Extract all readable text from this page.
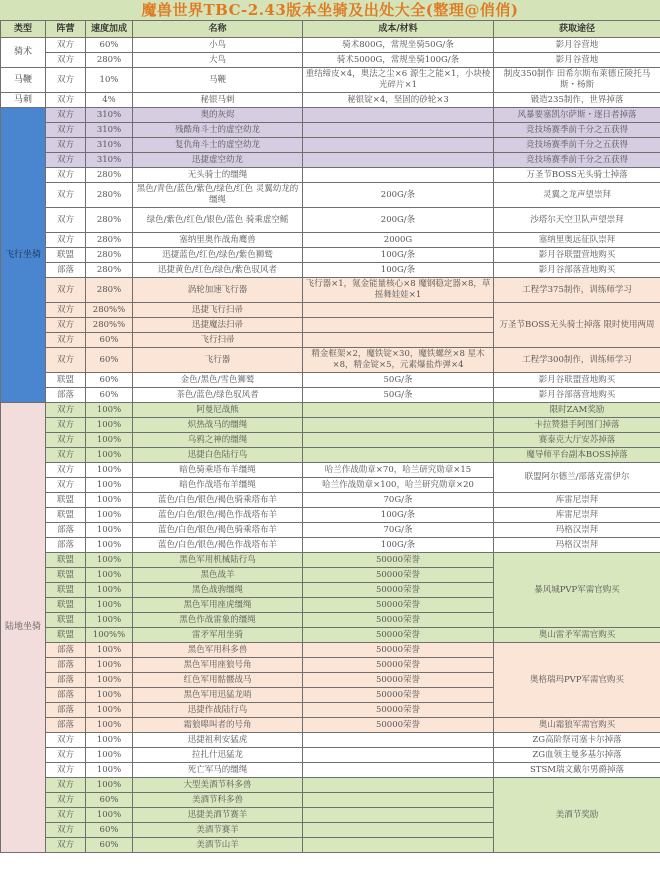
魔兽世界TBC-2.43版本坐骑及出处大全(整理@俏俏)
类型	阵营	速度加成	名称	成本/材料	获取途径
骑术	双方	60%	小鸟	骑术800G，常规坐骑50G/条	影月谷营地
	双方	280%	大鸟	骑术5000G，常规坐骑100G/条	影月谷营地
马鞭	双方	10%	马鞭	重结缔皮×4，奥法之尘×6 源生之能×1，小块棱光碎片×1	制皮350制作 田希尔斯布莱德丘陵托马斯・杨斯
马刺	双方	4%	秘银马刺	秘银锭×4，坚固的砂轮×3	锻造235制作，世界掉落
飞行坐骑	双方	310%	奥的灰烬		风暴要塞凯尔萨斯・逐日者掉落
	双方	310%	残酷角斗士的虚空幼龙		竞技场赛季前千分之五获得
	双方	310%	复仇角斗士的虚空幼龙		竞技场赛季前千分之五获得
	双方	310%	迅捷虚空幼龙		竞技场赛季前千分之五获得
	双方	280%	无头骑士的缰绳		万圣节BOSS无头骑士掉落
	双方	280%	黑色/青色/蓝色/紫色/绿色/红色 灵翼幼龙的缰绳	200G/条	灵翼之龙声望崇拜
	双方	280%	绿色/紫色/红色/银色/蓝色 骑乘虚空鳐	200G/条	沙塔尔天空卫队声望崇拜
	双方	280%	塞纳里奥作战角鹰兽	2000G	塞纳里奥远征队崇拜
	联盟	280%	迅捷蓝色/红色/绿色/紫色狮鹫	100G/条	影月谷联盟营地购买
	部落	280%	迅捷黄色/红色/绿色/紫色驭风者	100G/条	影月谷部落营地购买
	双方	280%	涡轮加速飞行器	飞行器×1，氪金能量核心×8 魔钢稳定器×8，草摇舞娃娃×1	工程学375制作，训练师学习
	双方	280%%	迅捷飞行扫帚		万圣节BOSS无头骑士掉落 限时使用两周
	双方	280%%	迅捷魔法扫帚		
	双方	60%	飞行扫帚		
	双方	60%	飞行器	精金框架×2，魔铁锭×30，魔铁螺丝×8 星木×8，精金锭×5，元素爆盐炸弹×4	工程学300制作，训练师学习
	联盟	60%	金色/黑色/雪色狮鹫	50G/条	影月谷联盟营地购买
	部落	60%	茶色/蓝色/绿色驭风者	50G/条	影月谷部落营地购买
陆地坐骑	双方	100%	阿曼尼战熊		限时ZAM奖励
	双方	100%	炽热战马的缰绳		卡拉赞猎手阿图门掉落
	双方	100%	乌鸦之神的缰绳		赛泰克大厅安苏掉落
	双方	100%	迅捷白色陆行鸟		魔导师平台副本BOSS掉落
	双方	100%	暗色骑乘塔布羊缰绳	哈兰作战勋章×70，哈兰研究勋章×15	联盟阿尔德兰/部落克雷伊尔
	双方	100%	暗色作战塔布羊缰绳	哈兰作战勋章×100，哈兰研究勋章×20	
	联盟	100%	蓝色/白色/银色/褐色骑乘塔布羊	70G/条	库雷尼崇拜
	联盟	100%	蓝色/白色/银色/褐色作战塔布羊	100G/条	库雷尼崇拜
	部落	100%	蓝色/白色/银色/褐色骑乘塔布羊	70G/条	玛格汉崇拜
	部落	100%	蓝色/白色/银色/褐色作战塔布羊	100G/条	玛格汉崇拜
	联盟	100%	黑色军用机械陆行鸟	50000荣誉	暴风城PVP军需官购买
	联盟	100%	黑色战羊	50000荣誉	
	联盟	100%	黑色战驹缰绳	50000荣誉	
	联盟	100%	黑色军用座虎缰绳	50000荣誉	
	联盟	100%	黑色作战雷象的缰绳	50000荣誉	
	联盟	100%%	雷矛军用坐骑	50000荣誉	奥山雷矛军需官购买
	部落	100%	黑色军用科多兽	50000荣誉	奥格瑞玛PVP军需官购买
	部落	100%	黑色军用座狼号角	50000荣誉	
	部落	100%	红色军用骷髅战马	50000荣誉	
	部落	100%	黑色军用迅猛龙哨	50000荣誉	
	部落	100%	迅捷作战陆行鸟	50000荣誉	
	部落	100%	霜狼嗥叫者的号角	50000荣誉	奥山霜狼军需官购买
	双方	100%	迅捷祖利安猛虎		ZG高阶祭司塞卡尔掉落
	双方	100%	拉扎什迅猛龙		ZG血领主曼多基尔掉落
	双方	100%	死亡军马的缰绳		STSM瑞文戴尔男爵掉落
	双方	100%	大型美酒节科多兽		美酒节奖励
	双方	60%	美酒节科多兽		
	双方	100%	迅捷美酒节赛羊		
	双方	60%	美酒节赛羊		
	双方	60%	美酒节山羊		
